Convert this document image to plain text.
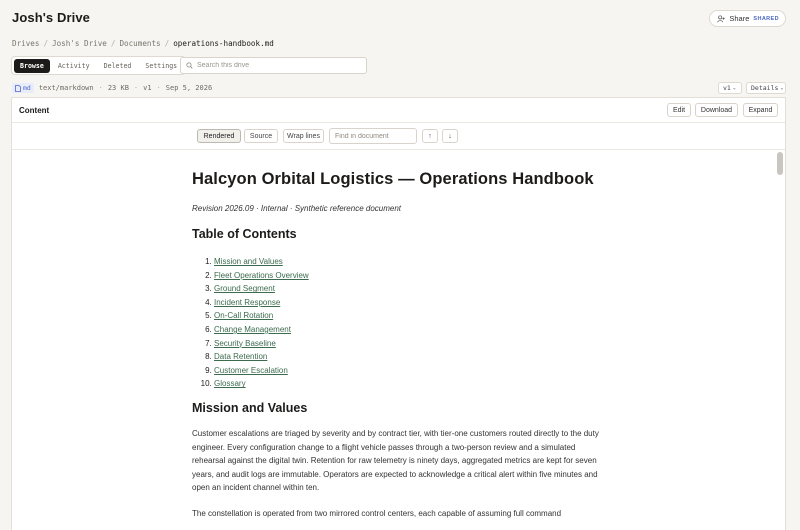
Josh's Drive	Share SHARED
Drives / Josh's Drive / Documents / operations-handbook.md
Browse	Activity	Deleted	Settings
Search this drive
md text/markdown · 23 KB · v1 · Sep 5, 2026	v1 ⌄ Details ⌄
Content	Edit	Download	Expand
Rendered	Source	Wrap lines
Find in document	↑	↓
Halcyon Orbital Logistics — Operations Handbook
Revision 2026.09 · Internal · Synthetic reference document
Table of Contents
1. Mission and Values
2. Fleet Operations Overview
3. Ground Segment
4. Incident Response
5. On-Call Rotation
6. Change Management
7. Security Baseline
8. Data Retention
9. Customer Escalation
10. Glossary
Mission and Values

Customer escalations are triaged by severity and by contract tier, with tier-one customers routed directly to the duty engineer. Every configuration change to a flight vehicle passes through a two-person review and a simulated rehearsal against the digital twin. Retention for raw telemetry is ninety days, aggregated metrics are kept for seven years, and audit logs are immutable. Operators are expected to acknowledge a critical alert within five minutes and open an incident channel within ten.

The constellation is operated from two mirrored control centers, each capable of assuming full command
